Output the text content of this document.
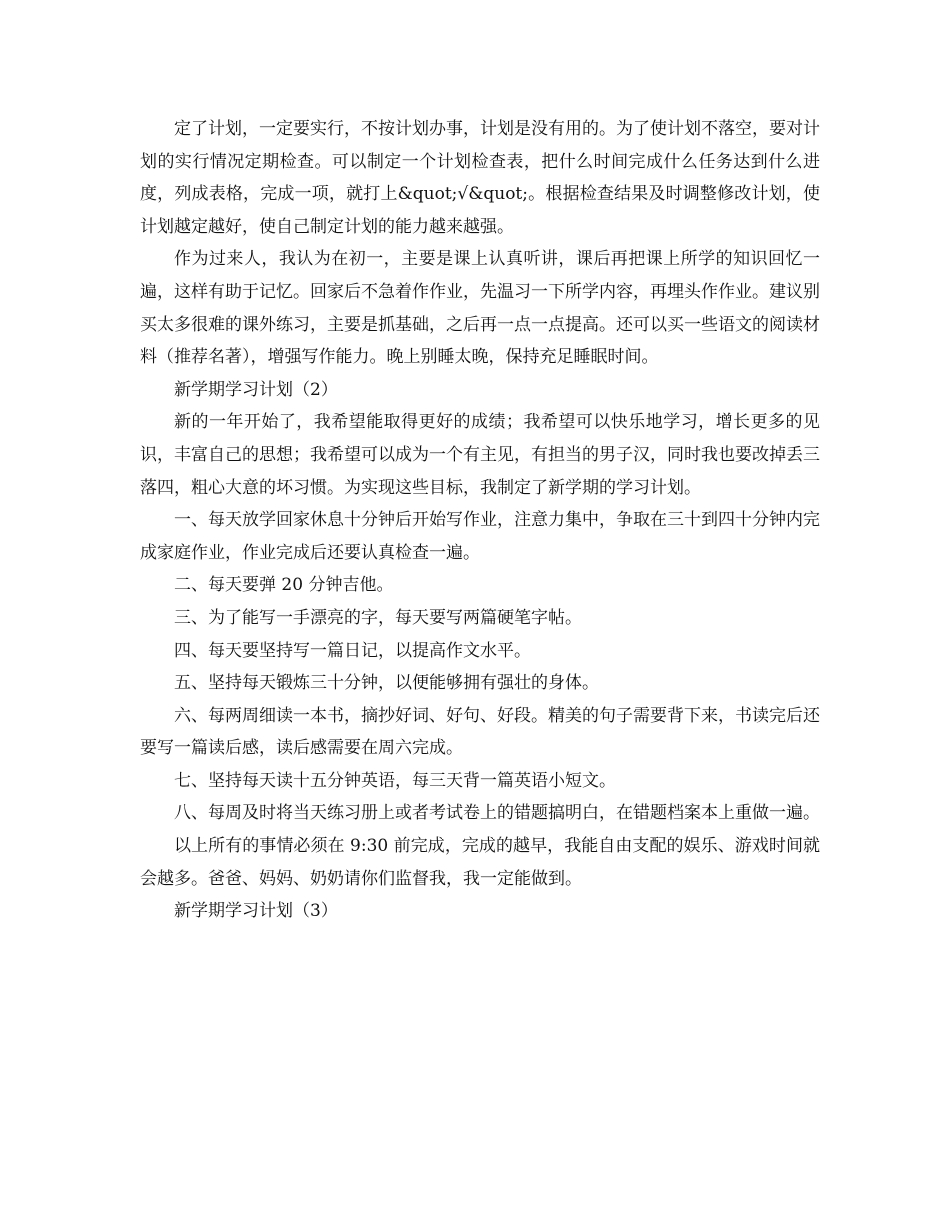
定了计划，一定要实行，不按计划办事，计划是没有用的。为了使计划不落空，要对计划的实行情况定期检查。可以制定一个计划检查表，把什么时间完成什么任务达到什么进度，列成表格，完成一项，就打上&quot;√&quot;。根据检查结果及时调整修改计划，使计划越定越好，使自己制定计划的能力越来越强。

作为过来人，我认为在初一，主要是课上认真听讲，课后再把课上所学的知识回忆一遍，这样有助于记忆。回家后不急着作作业，先温习一下所学内容，再埋头作作业。建议别买太多很难的课外练习，主要是抓基础，之后再一点一点提高。还可以买一些语文的阅读材料（推荐名著），增强写作能力。晚上别睡太晚，保持充足睡眠时间。

新学期学习计划（2）

新的一年开始了，我希望能取得更好的成绩；我希望可以快乐地学习，增长更多的见识，丰富自己的思想；我希望可以成为一个有主见，有担当的男子汉，同时我也要改掉丢三落四，粗心大意的坏习惯。为实现这些目标，我制定了新学期的学习计划。

一、每天放学回家休息十分钟后开始写作业，注意力集中，争取在三十到四十分钟内完成家庭作业，作业完成后还要认真检查一遍。

二、每天要弹 20 分钟吉他。

三、为了能写一手漂亮的字，每天要写两篇硬笔字帖。

四、每天要坚持写一篇日记，以提高作文水平。

五、坚持每天锻炼三十分钟，以便能够拥有强壮的身体。

六、每两周细读一本书，摘抄好词、好句、好段。精美的句子需要背下来，书读完后还要写一篇读后感，读后感需要在周六完成。

七、坚持每天读十五分钟英语，每三天背一篇英语小短文。

八、每周及时将当天练习册上或者考试卷上的错题搞明白，在错题档案本上重做一遍。

以上所有的事情必须在 9:30 前完成，完成的越早，我能自由支配的娱乐、游戏时间就会越多。爸爸、妈妈、奶奶请你们监督我，我一定能做到。

新学期学习计划（3）
